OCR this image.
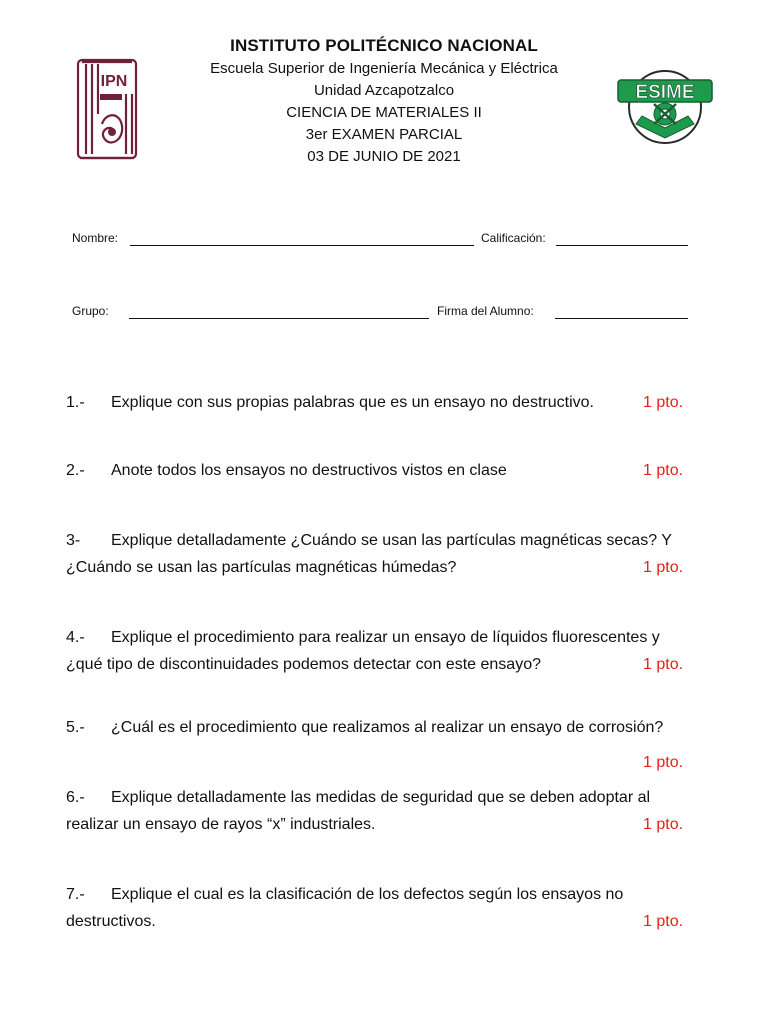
IPN
ESIME
INSTITUTO POLITÉCNICO NACIONAL
Escuela Superior de Ingeniería Mecánica y Eléctrica
Unidad Azcapotzalco
CIENCIA DE MATERIALES II
3er EXAMEN PARCIAL
03 DE JUNIO DE 2021
Nombre:	Calificación:
Grupo:	Firma del Alumno:
1.- Explique con sus propias palabras que es un ensayo no destructivo.	1 pto.
2.- Anote todos los ensayos no destructivos vistos en clase	1 pto.
3- Explique detalladamente ¿Cuándo se usan las partículas magnéticas secas? Y
¿Cuándo se usan las partículas magnéticas húmedas?	1 pto.
4.- Explique el procedimiento para realizar un ensayo de líquidos fluorescentes y
¿qué tipo de discontinuidades podemos detectar con este ensayo?	1 pto.
5.- ¿Cuál es el procedimiento que realizamos al realizar un ensayo de corrosión?
1 pto.
6.- Explique detalladamente las medidas de seguridad que se deben adoptar al
realizar un ensayo de rayos “x” industriales.	1 pto.
7.- Explique el cual es la clasificación de los defectos según los ensayos no
destructivos.	1 pto.
